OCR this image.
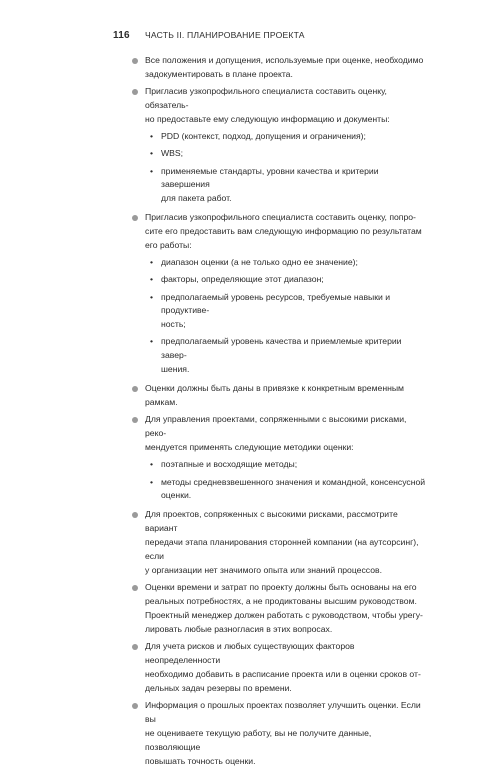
116 ЧАСТЬ II. ПЛАНИРОВАНИЕ ПРОЕКТА
Все положения и допущения, используемые при оценке, необходимо
задокументировать в плане проекта.
Пригласив узкопрофильного специалиста составить оценку, обязатель-
но предоставьте ему следующую информацию и документы:
• PDD (контекст, подход, допущения и ограничения);
• WBS;
• применяемые стандарты, уровни качества и критерии завершения
для пакета работ.
Пригласив узкопрофильного специалиста составить оценку, попро-
сите его предоставить вам следующую информацию по результатам
его работы:
• диапазон оценки (а не только одно ее значение);
• факторы, определяющие этот диапазон;
• предполагаемый уровень ресурсов, требуемые навыки и продуктиве-
ность;
• предполагаемый уровень качества и приемлемые критерии завер-
шения.
Оценки должны быть даны в привязке к конкретным временным рамкам.
Для управления проектами, сопряженными с высокими рисками, реко-
мендуется применять следующие методики оценки:
• поэтапные и восходящие методы;
• методы средневзвешенного значения и командной, консенсусной
оценки.
Для проектов, сопряженных с высокими рисками, рассмотрите вариант
передачи этапа планирования сторонней компании (на аутсорсинг), если
у организации нет значимого опыта или знаний процессов.
Оценки времени и затрат по проекту должны быть основаны на его
реальных потребностях, а не продиктованы высшим руководством.
Проектный менеджер должен работать с руководством, чтобы урегу-
лировать любые разногласия в этих вопросах.
Для учета рисков и любых существующих факторов неопределенности
необходимо добавить в расписание проекта или в оценки сроков от-
дельных задач резервы по времени.
Информация о прошлых проектах позволяет улучшить оценки. Если вы
не оцениваете текущую работу, вы не получите данные, позволяющие
повышать точность оценки.
